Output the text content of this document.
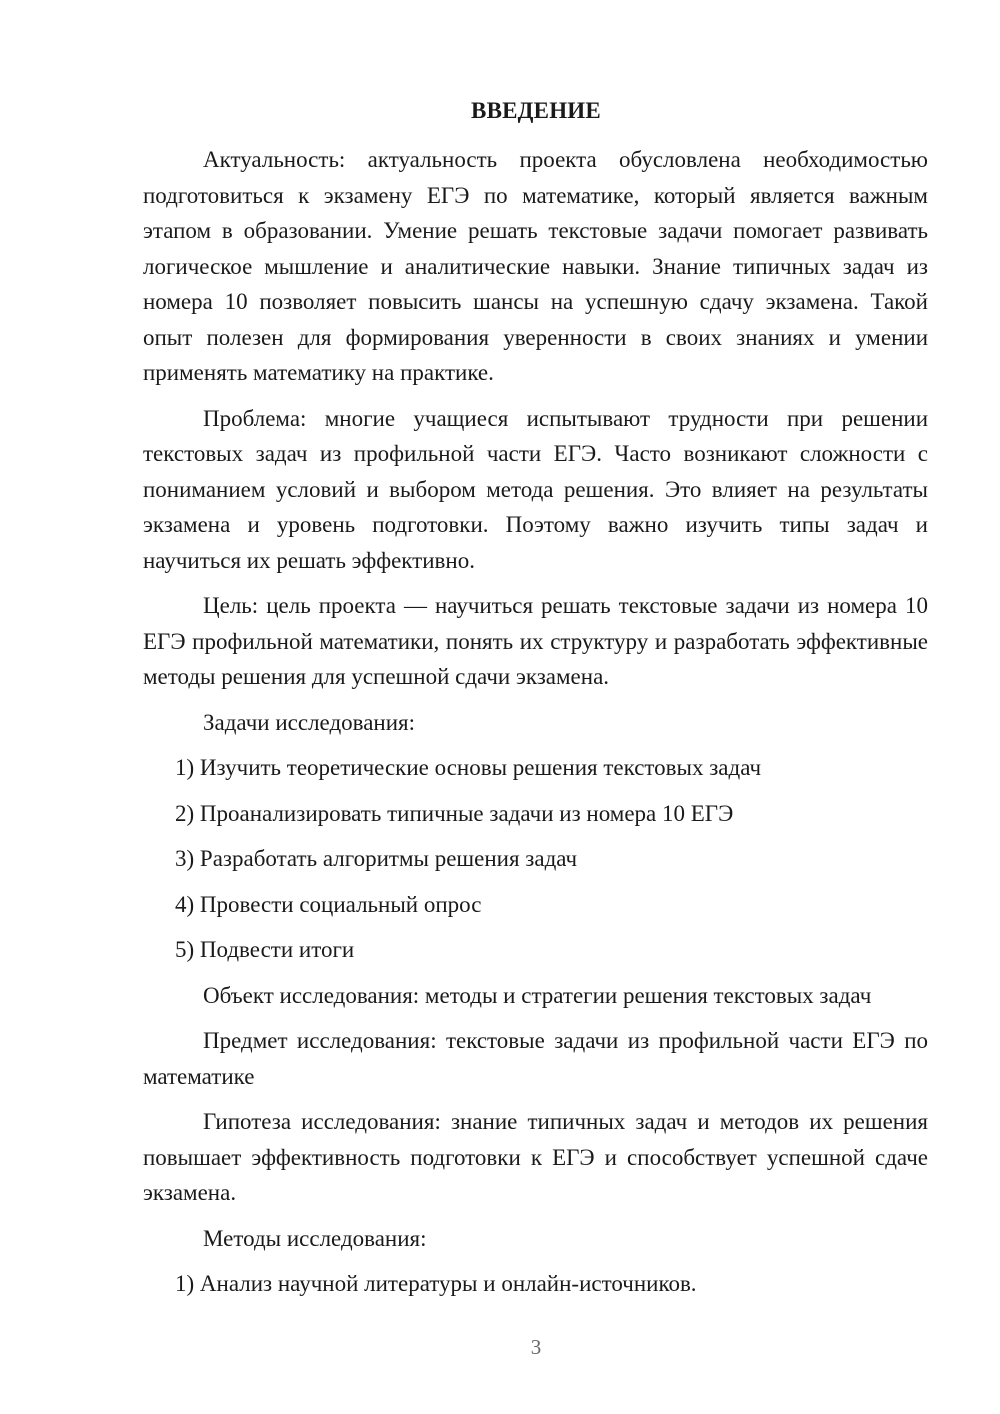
ВВЕДЕНИЕ

Актуальность: актуальность проекта обусловлена необходимостью подготовиться к экзамену ЕГЭ по математике, который является важным этапом в образовании. Умение решать текстовые задачи помогает развивать логическое мышление и аналитические навыки. Знание типичных задач из номера 10 позволяет повысить шансы на успешную сдачу экзамена. Такой опыт полезен для формирования уверенности в своих знаниях и умении применять математику на практике.

Проблема: многие учащиеся испытывают трудности при решении текстовых задач из профильной части ЕГЭ. Часто возникают сложности с пониманием условий и выбором метода решения. Это влияет на результаты экзамена и уровень подготовки. Поэтому важно изучить типы задач и научиться их решать эффективно.

Цель: цель проекта — научиться решать текстовые задачи из номера 10 ЕГЭ профильной математики, понять их структуру и разработать эффективные методы решения для успешной сдачи экзамена.

Задачи исследования:

1) Изучить теоретические основы решения текстовых задач

2) Проанализировать типичные задачи из номера 10 ЕГЭ

3) Разработать алгоритмы решения задач

4) Провести социальный опрос

5) Подвести итоги

Объект исследования: методы и стратегии решения текстовых задач

Предмет исследования: текстовые задачи из профильной части ЕГЭ по математике

Гипотеза исследования: знание типичных задач и методов их решения повышает эффективность подготовки к ЕГЭ и способствует успешной сдаче экзамена.

Методы исследования:

1) Анализ научной литературы и онлайн-источников.

3
